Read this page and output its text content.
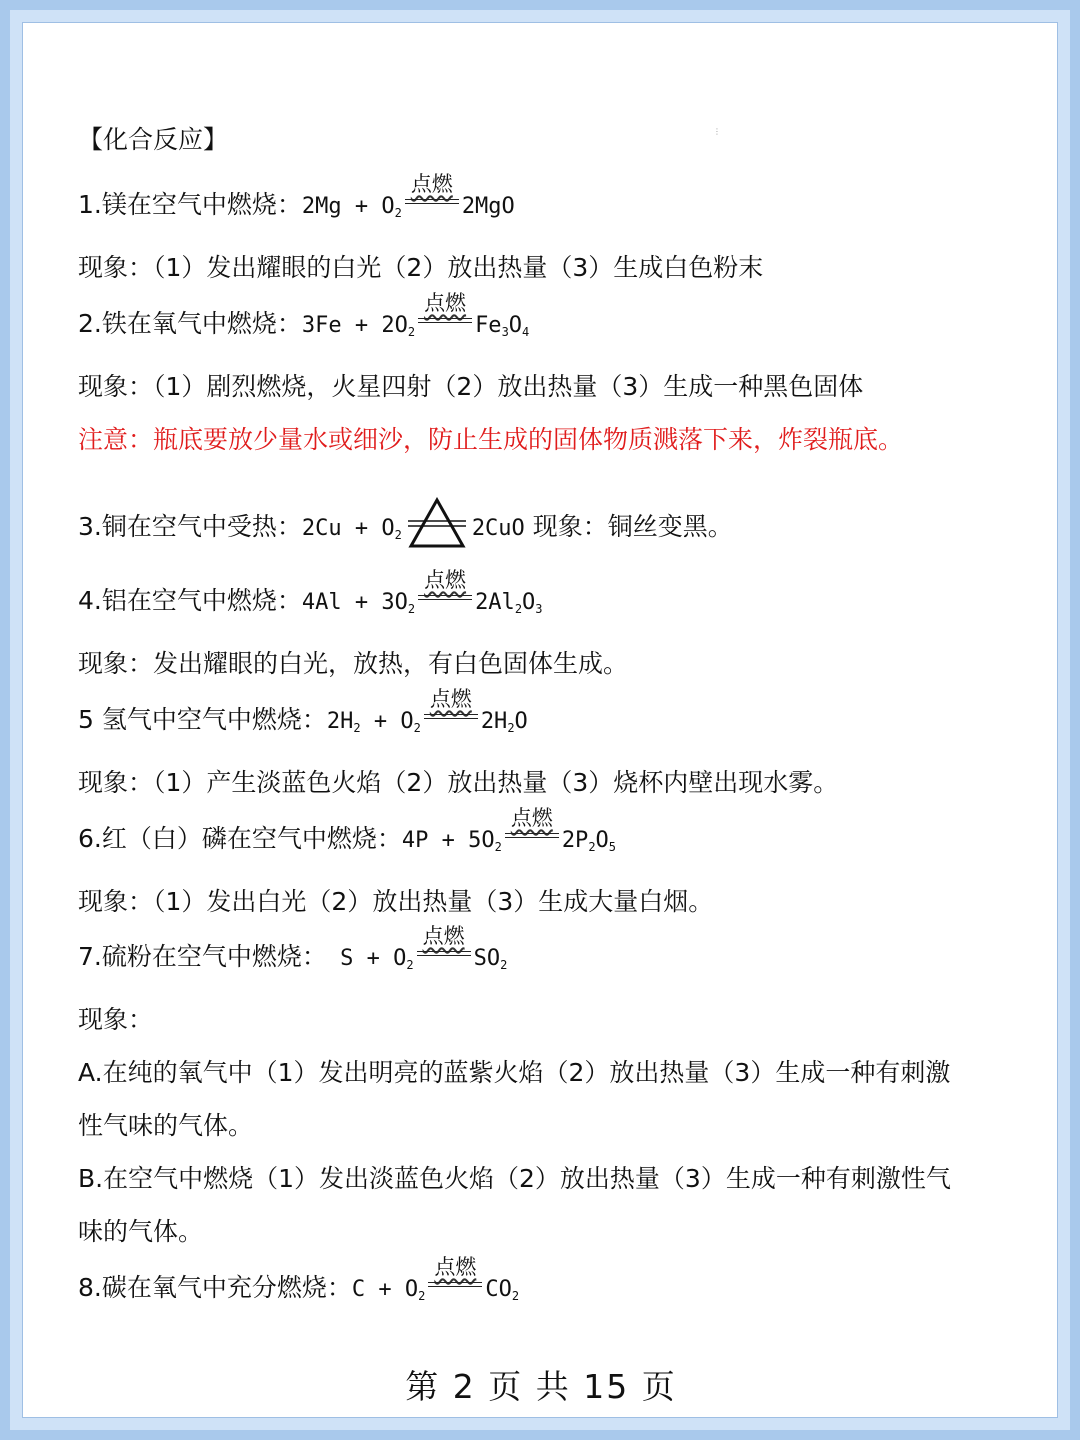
⋮
【化合反应】
1.镁在空气中燃烧：$2Mg + O_2$
点燃
2MgO
现象：（1）发出耀眼的白光（2）放出热量（3）生成白色粉末
2.铁在氧气中燃烧：$3Fe + 2O_2$
点燃
$Fe_3O_4$
现象：（1）剧烈燃烧，火星四射（2）放出热量（3）生成一种黑色固体
注意：瓶底要放少量水或细沙，防止生成的固体物质溅落下来，炸裂瓶底。
3.铜在空气中受热：$2Cu + O_2$	2CuO 现象：铜丝变黑。
4.铝在空气中燃烧：$4Al + 3O_2$
点燃
$2Al_2O_3$
现象：发出耀眼的白光，放热，有白色固体生成。
5 氢气中空气中燃烧：$2H_2 + O_2$
点燃
$2H_2O$
现象：（1）产生淡蓝色火焰（2）放出热量（3）烧杯内壁出现水雾。
6.红（白）磷在空气中燃烧：$4P + 5O_2$
点燃
$2P_2O_5$
现象：（1）发出白光（2）放出热量（3）生成大量白烟。
7.硫粉在空气中燃烧： $S + O_2$
点燃
$SO_2$
现象：
A.在纯的氧气中（1）发出明亮的蓝紫火焰（2）放出热量（3）生成一种有刺激
性气味的气体。
B.在空气中燃烧（1）发出淡蓝色火焰（2）放出热量（3）生成一种有刺激性气
味的气体。
8.碳在氧气中充分燃烧：$C + O_2$
点燃
$CO_2$
第 2 页 共 15 页
